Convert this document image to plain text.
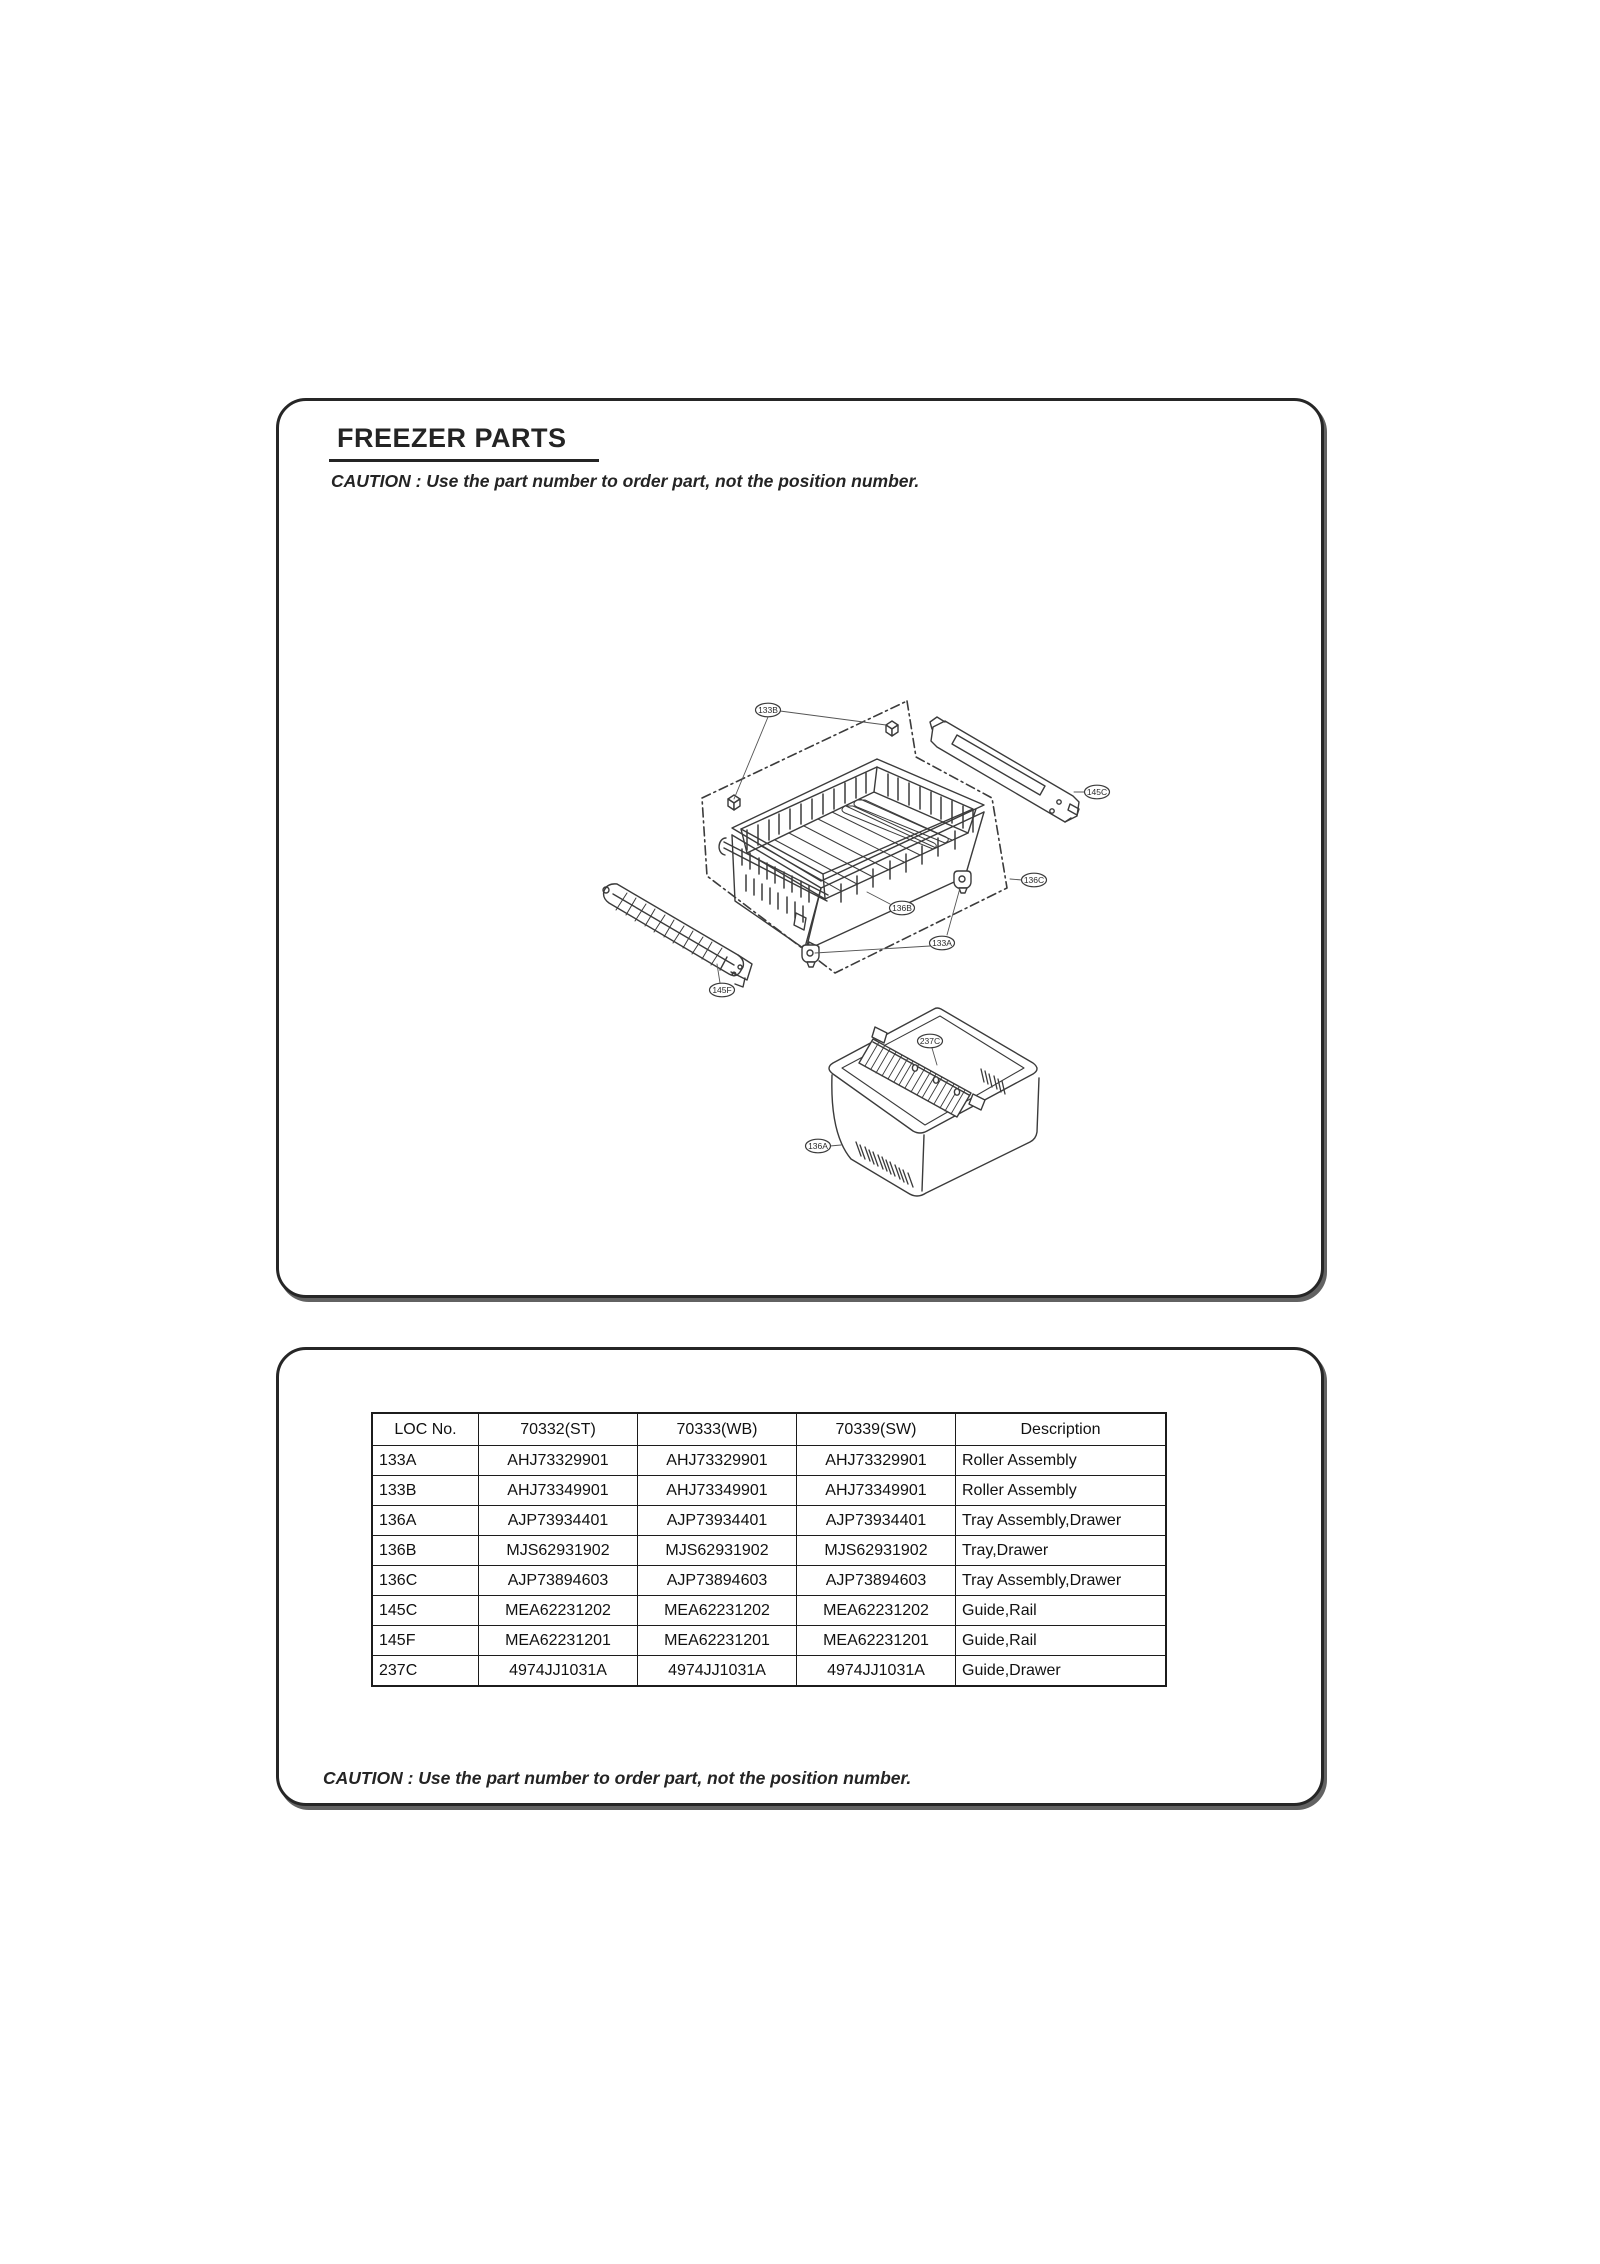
FREEZER PARTS
CAUTION : Use the part number to order part, not the position number.
133B
145C
136C
136B
133A
145F
237C
136A
LOC No.	70332(ST)	70333(WB)	70339(SW)	Description
133A	AHJ73329901	AHJ73329901	AHJ73329901	Roller Assembly
133B	AHJ73349901	AHJ73349901	AHJ73349901	Roller Assembly
136A	AJP73934401	AJP73934401	AJP73934401	Tray Assembly,Drawer
136B	MJS62931902	MJS62931902	MJS62931902	Tray,Drawer
136C	AJP73894603	AJP73894603	AJP73894603	Tray Assembly,Drawer
145C	MEA62231202	MEA62231202	MEA62231202	Guide,Rail
145F	MEA62231201	MEA62231201	MEA62231201	Guide,Rail
237C	4974JJ1031A	4974JJ1031A	4974JJ1031A	Guide,Drawer
CAUTION : Use the part number to order part, not the position number.
